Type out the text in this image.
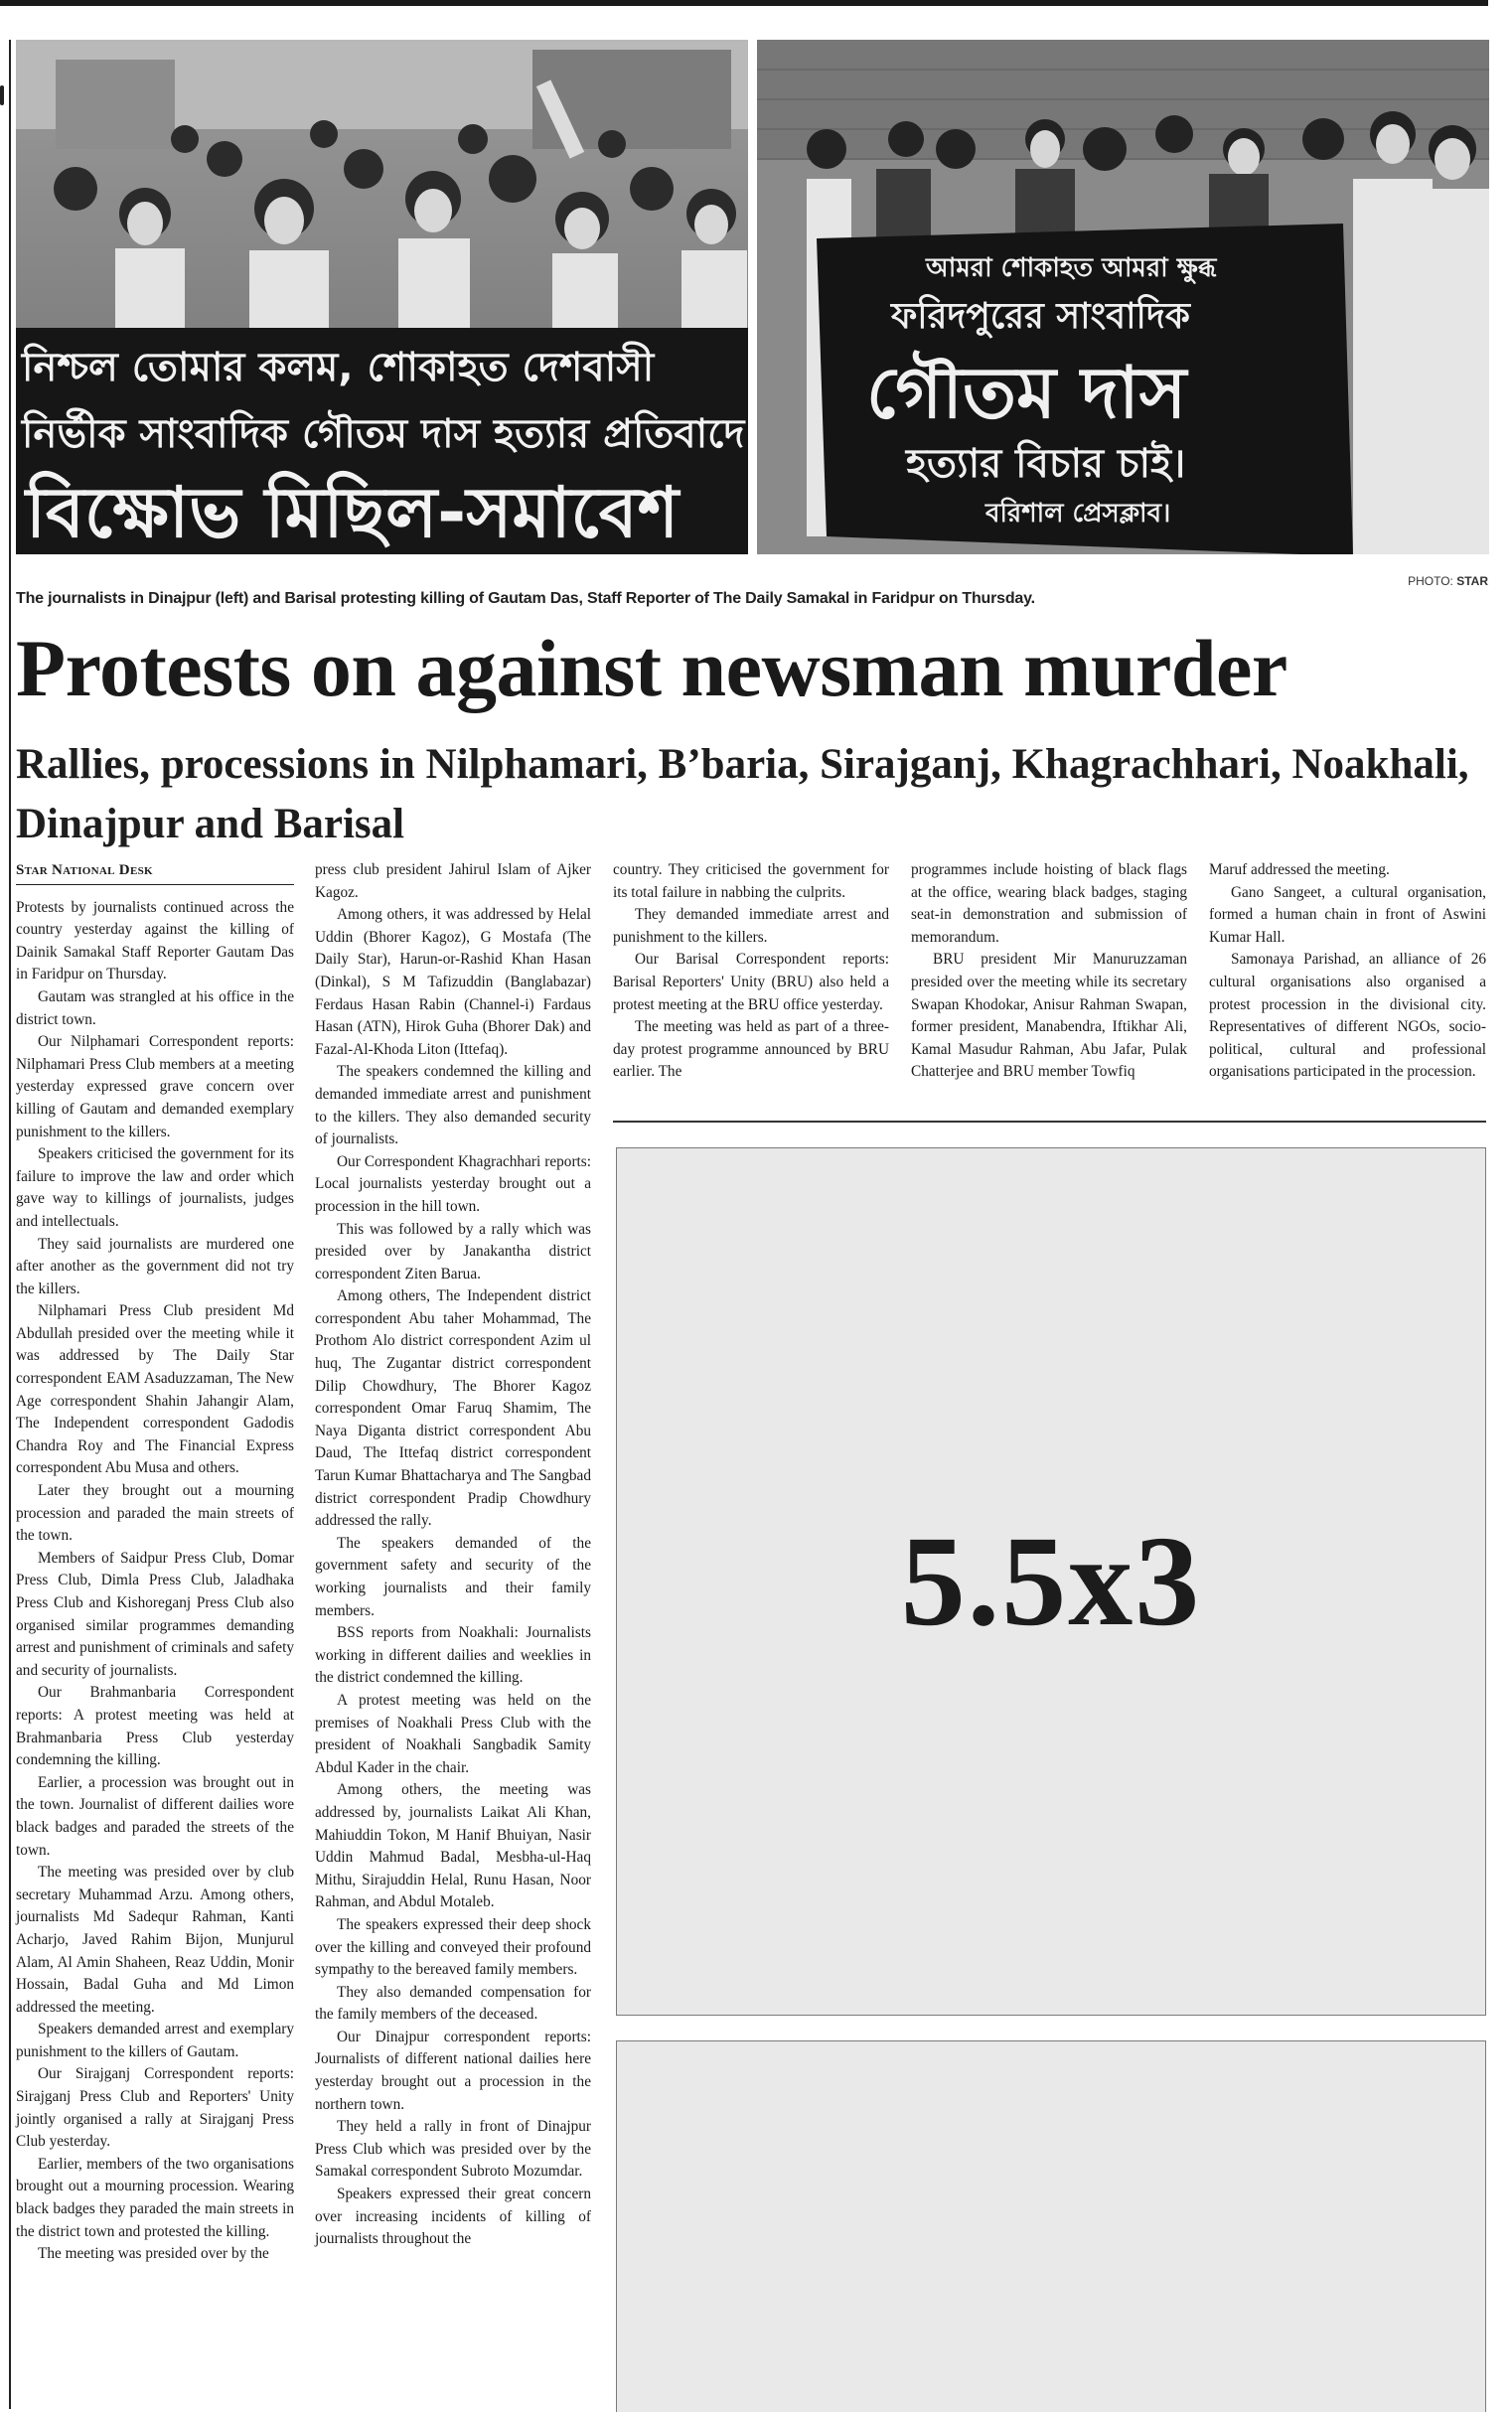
নিশ্চল তোমার কলম, শোকাহত দেশবাসী
নির্ভীক সাংবাদিক গৌতম দাস হত্যার প্রতিবাদে
বিক্ষোভ মিছিল-সমাবেশ
আমরা শোকাহত আমরা ক্ষুব্ধ
ফরিদপুরের সাংবাদিক
গৌতম দাস
হত্যার বিচার চাই।
বরিশাল প্রেসক্লাব।
PHOTO: STAR
The journalists in Dinajpur (left) and Barisal protesting killing of Gautam Das, Staff Reporter of The Daily Samakal in Faridpur on Thursday.
Protests on against newsman murder
Rallies, processions in Nilphamari, B’baria, Sirajganj, Khagrachhari, Noakhali, Dinajpur and Barisal
Star National Desk

Protests by journalists continued across the country yesterday against the killing of Dainik Samakal Staff Reporter Gautam Das in Faridpur on Thursday.

Gautam was strangled at his office in the district town.

Our Nilphamari Correspondent reports: Nilphamari Press Club members at a meeting yesterday expressed grave concern over killing of Gautam and demanded exemplary punishment to the killers.

Speakers criticised the government for its failure to improve the law and order which gave way to killings of journalists, judges and intellectuals.

They said journalists are murdered one after another as the government did not try the killers.

Nilphamari Press Club president Md Abdullah presided over the meeting while it was addressed by The Daily Star correspondent EAM Asaduzzaman, The New Age correspondent Shahin Jahangir Alam, The Independent correspondent Gadodis Chandra Roy and The Financial Express correspondent Abu Musa and others.

Later they brought out a mourning procession and paraded the main streets of the town.

Members of Saidpur Press Club, Domar Press Club, Dimla Press Club, Jaladhaka Press Club and Kishoreganj Press Club also organised similar programmes demanding arrest and punishment of criminals and safety and security of journalists.

Our Brahmanbaria Correspondent reports: A protest meeting was held at Brahmanbaria Press Club yesterday condemning the killing.

Earlier, a procession was brought out in the town. Journalist of different dailies wore black badges and paraded the streets of the town.

The meeting was presided over by club secretary Muhammad Arzu. Among others, journalists Md Sadequr Rahman, Kanti Acharjo, Javed Rahim Bijon, Munjurul Alam, Al Amin Shaheen, Reaz Uddin, Monir Hossain, Badal Guha and Md Limon addressed the meeting.

Speakers demanded arrest and exemplary punishment to the killers of Gautam.

Our Sirajganj Correspondent reports: Sirajganj Press Club and Reporters' Unity jointly organised a rally at Sirajganj Press Club yesterday.

Earlier, members of the two organisations brought out a mourning procession. Wearing black badges they paraded the main streets in the district town and protested the killing.

The meeting was presided over by the

press club president Jahirul Islam of Ajker Kagoz.

Among others, it was addressed by Helal Uddin (Bhorer Kagoz), G Mostafa (The Daily Star), Harun-or-Rashid Khan Hasan (Dinkal), S M Tafizuddin (Banglabazar) Ferdaus Hasan Rabin (Channel-i) Fardaus Hasan (ATN), Hirok Guha (Bhorer Dak) and Fazal-Al-Khoda Liton (Ittefaq).

The speakers condemned the killing and demanded immediate arrest and punishment to the killers. They also demanded security of journalists.

Our Correspondent Khagrachhari reports: Local journalists yesterday brought out a procession in the hill town.

This was followed by a rally which was presided over by Janakantha district correspondent Ziten Barua.

Among others, The Independent district correspondent Abu taher Mohammad, The Prothom Alo district correspondent Azim ul huq, The Zugantar district correspondent Dilip Chowdhury, The Bhorer Kagoz correspondent Omar Faruq Shamim, The Naya Diganta district correspondent Abu Daud, The Ittefaq district correspondent Tarun Kumar Bhattacharya and The Sangbad district correspondent Pradip Chowdhury addressed the rally.

The speakers demanded of the government safety and security of the working journalists and their family members.

BSS reports from Noakhali: Journalists working in different dailies and weeklies in the district condemned the killing.

A protest meeting was held on the premises of Noakhali Press Club with the president of Noakhali Sangbadik Samity Abdul Kader in the chair.

Among others, the meeting was addressed by, journalists Laikat Ali Khan, Mahiuddin Tokon, M Hanif Bhuiyan, Nasir Uddin Mahmud Badal, Mesbha-ul-Haq Mithu, Sirajuddin Helal, Runu Hasan, Noor Rahman, and Abdul Motaleb.

The speakers expressed their deep shock over the killing and conveyed their profound sympathy to the bereaved family members.

They also demanded compensation for the family members of the deceased.

Our Dinajpur correspondent reports: Journalists of different national dailies here yesterday brought out a procession in the northern town.

They held a rally in front of Dinajpur Press Club which was presided over by the Samakal correspondent Subroto Mozumdar.

Speakers expressed their great concern over increasing incidents of killing of journalists throughout the

country. They criticised the government for its total failure in nabbing the culprits.

They demanded immediate arrest and punishment to the killers.

Our Barisal Correspondent reports: Barisal Reporters' Unity (BRU) also held a protest meeting at the BRU office yesterday.

The meeting was held as part of a three-day protest programme announced by BRU earlier. The

programmes include hoisting of black flags at the office, wearing black badges, staging seat-in demonstration and submission of memorandum.

BRU president Mir Manuruzzaman presided over the meeting while its secretary Swapan Khodokar, Anisur Rahman Swapan, former president, Manabendra, Iftikhar Ali, Kamal Masudur Rahman, Abu Jafar, Pulak Chatterjee and BRU member Towfiq

Maruf addressed the meeting.

Gano Sangeet, a cultural organisation, formed a human chain in front of Aswini Kumar Hall.

Samonaya Parishad, an alliance of 26 cultural organisations also organised a protest procession in the divisional city. Representatives of different NGOs, socio-political, cultural and professional organisations participated in the procession.

5.5x3
